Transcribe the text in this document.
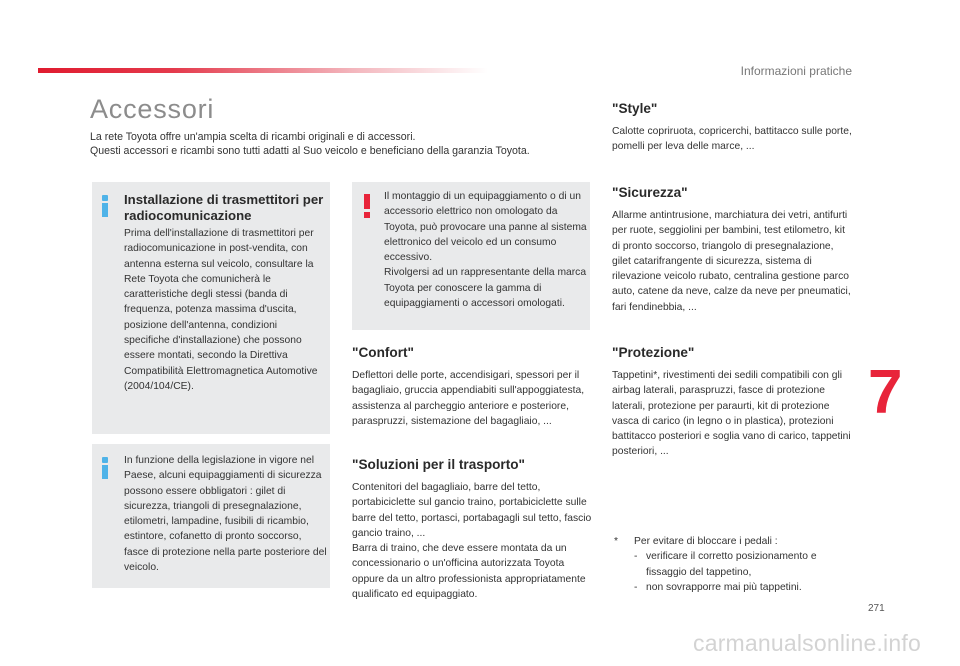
Informazioni pratiche
Accessori

La rete Toyota offre un'ampia scelta di ricambi originali e di accessori.

Questi accessori e ricambi sono tutti adatti al Suo veicolo e beneficiano della garanzia Toyota.

Installazione di trasmettitori per radiocomunicazione
Prima dell'installazione di trasmettitori per radiocomunicazione in post-vendita, con antenna esterna sul veicolo, consultare la Rete Toyota che comunicherà le caratteristiche degli stessi (banda di frequenza, potenza massima d'uscita, posizione dell'antenna, condizioni specifiche d'installazione) che possono essere montati, secondo la Direttiva Compatibilità Elettromagnetica Automotive (2004/104/CE).
In funzione della legislazione in vigore nel Paese, alcuni equipaggiamenti di sicurezza possono essere obbligatori : gilet di sicurezza, triangoli di presegnalazione, etilometri, lampadine, fusibili di ricambio, estintore, cofanetto di pronto soccorso, fasce di protezione nella parte posteriore del veicolo.
Il montaggio di un equipaggiamento o di un accessorio elettrico non omologato da Toyota, può provocare una panne al sistema elettronico del veicolo ed un consumo eccessivo.
Rivolgersi ad un rappresentante della marca Toyota per conoscere la gamma di equipaggiamenti o accessori omologati.
"Confort"

Deflettori delle porte, accendisigari, spessori per il bagagliaio, gruccia appendiabiti sull'appoggiatesta, assistenza al parcheggio anteriore e posteriore, paraspruzzi, sistemazione del bagagliaio, ...

"Soluzioni per il trasporto"

Contenitori del bagagliaio, barre del tetto, portabiciclette sul gancio traino, portabiciclette sulle barre del tetto, portasci, portabagagli sul tetto, fascio gancio traino, ...

Barra di traino, che deve essere montata da un concessionario o un'officina autorizzata Toyota oppure da un altro professionista appropriatamente qualificato ed equipaggiato.

"Style"

Calotte copriruota, copricerchi, battitacco sulle porte, pomelli per leva delle marce, ...

"Sicurezza"

Allarme antintrusione, marchiatura dei vetri, antifurti per ruote, seggiolini per bambini, test etilometro, kit di pronto soccorso, triangolo di presegnalazione, gilet catarifrangente di sicurezza, sistema di rilevazione veicolo rubato, centralina gestione parco auto, catene da neve, calze da neve per pneumatici, fari fendinebbia, ...

"Protezione"

Tappetini*, rivestimenti dei sedili compatibili con gli airbag laterali, paraspruzzi, fasce di protezione laterali, protezione per paraurti, kit di protezione vasca di carico (in legno o in plastica), protezioni battitacco posteriori e soglia vano di carico, tappetini posteriori, ...

* Per evitare di bloccare i pedali :
- verificare il corretto posizionamento e fissaggio del tappetino,
- non sovrapporre mai più tappetini.
7
271
carmanualsonline.info
